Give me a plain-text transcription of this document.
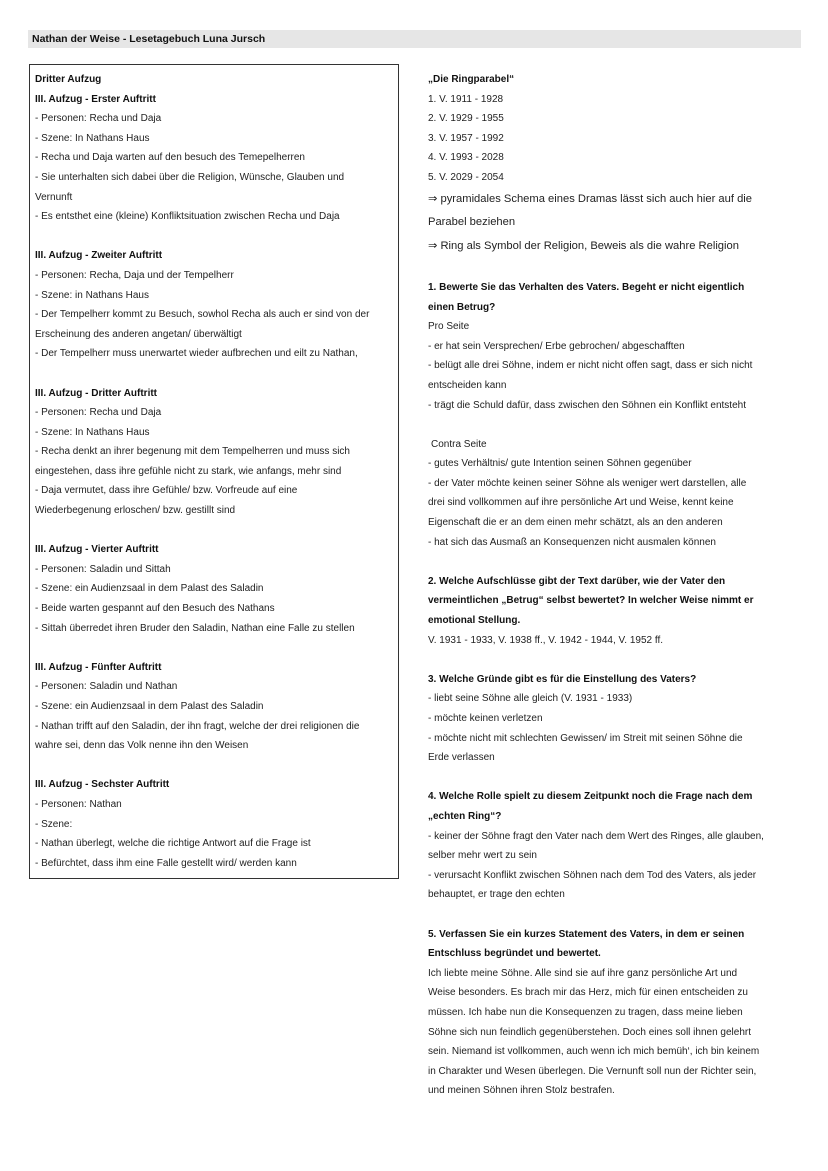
Nathan der Weise - Lesetagebuch Luna Jursch
Dritter Aufzug
III. Aufzug - Erster Auftritt
- Personen: Recha und Daja
- Szene: In Nathans Haus
- Recha und Daja warten auf den besuch des Temepelherren
- Sie unterhalten sich dabei über die Religion, Wünsche, Glauben und
Vernunft
- Es entsthet eine (kleine) Konfliktsituation zwischen Recha und Daja
III. Aufzug - Zweiter Auftritt
- Personen: Recha, Daja und der Tempelherr
- Szene: in Nathans Haus
- Der Tempelherr kommt zu Besuch, sowhol Recha als auch er sind von der
Erscheinung des anderen angetan/ überwältigt
- Der Tempelherr muss unerwartet wieder aufbrechen und eilt zu Nathan,
III. Aufzug - Dritter Auftritt
- Personen: Recha und Daja
- Szene: In Nathans Haus
- Recha denkt an ihrer begenung mit dem Tempelherren und muss sich
eingestehen, dass ihre gefühle nicht zu stark, wie anfangs, mehr sind
- Daja vermutet, dass ihre Gefühle/ bzw. Vorfreude auf eine
Wiederbegenung erloschen/ bzw. gestillt sind
III. Aufzug - Vierter Auftritt
- Personen: Saladin und Sittah
- Szene: ein Audienzsaal in dem Palast des Saladin
- Beide warten gespannt auf den Besuch des Nathans
- Sittah überredet ihren Bruder den Saladin, Nathan eine Falle zu stellen
III. Aufzug - Fünfter Auftritt
- Personen: Saladin und Nathan
- Szene: ein Audienzsaal in dem Palast des Saladin
- Nathan trifft auf den Saladin, der ihn fragt, welche der drei religionen die
wahre sei, denn das Volk nenne ihn den Weisen
III. Aufzug - Sechster Auftritt
- Personen: Nathan
- Szene:
- Nathan überlegt, welche die richtige Antwort auf die Frage ist
- Befürchtet, dass ihm eine Falle gestellt wird/ werden kann
„Die Ringparabel“
1. V. 1911 - 1928
2. V. 1929 - 1955
3. V. 1957 - 1992
4. V. 1993 - 2028
5. V. 2029 - 2054
⇒ pyramidales Schema eines Dramas lässt sich auch hier auf die
Parabel beziehen
⇒ Ring als Symbol der Religion, Beweis als die wahre Religion
1. Bewerte Sie das Verhalten des Vaters. Begeht er nicht eigentlich
einen Betrug?
Pro Seite
- er hat sein Versprechen/ Erbe gebrochen/ abgeschafften
- belügt alle drei Söhne, indem er nicht nicht offen sagt, dass er sich nicht
entscheiden kann
- trägt die Schuld dafür, dass zwischen den Söhnen ein Konflikt entsteht
Contra Seite
- gutes Verhältnis/ gute Intention seinen Söhnen gegenüber
- der Vater möchte keinen seiner Söhne als weniger wert darstellen, alle
drei sind vollkommen auf ihre persönliche Art und Weise, kennt keine
Eigenschaft die er an dem einen mehr schätzt, als an den anderen
- hat sich das Ausmaß an Konsequenzen nicht ausmalen können
2. Welche Aufschlüsse gibt der Text darüber, wie der Vater den
vermeintlichen „Betrug“ selbst bewertet? In welcher Weise nimmt er
emotional Stellung.
V. 1931 - 1933, V. 1938 ff., V. 1942 - 1944, V. 1952 ff.
3. Welche Gründe gibt es für die Einstellung des Vaters?
- liebt seine Söhne alle gleich (V. 1931 - 1933)
- möchte keinen verletzen
- möchte nicht mit schlechten Gewissen/ im Streit mit seinen Söhne die
Erde verlassen
4. Welche Rolle spielt zu diesem Zeitpunkt noch die Frage nach dem
„echten Ring“?
- keiner der Söhne fragt den Vater nach dem Wert des Ringes, alle glauben,
selber mehr wert zu sein
- verursacht Konflikt zwischen Söhnen nach dem Tod des Vaters, als jeder
behauptet, er trage den echten
5. Verfassen Sie ein kurzes Statement des Vaters, in dem er seinen
Entschluss begründet und bewertet.
Ich liebte meine Söhne. Alle sind sie auf ihre ganz persönliche Art und
Weise besonders. Es brach mir das Herz, mich für einen entscheiden zu
müssen. Ich habe nun die Konsequenzen zu tragen, dass meine lieben
Söhne sich nun feindlich gegenüberstehen. Doch eines soll ihnen gelehrt
sein. Niemand ist vollkommen, auch wenn ich mich bemüh‘, ich bin keinem
in Charakter und Wesen überlegen. Die Vernunft soll nun der Richter sein,
und meinen Söhnen ihren Stolz bestrafen.
